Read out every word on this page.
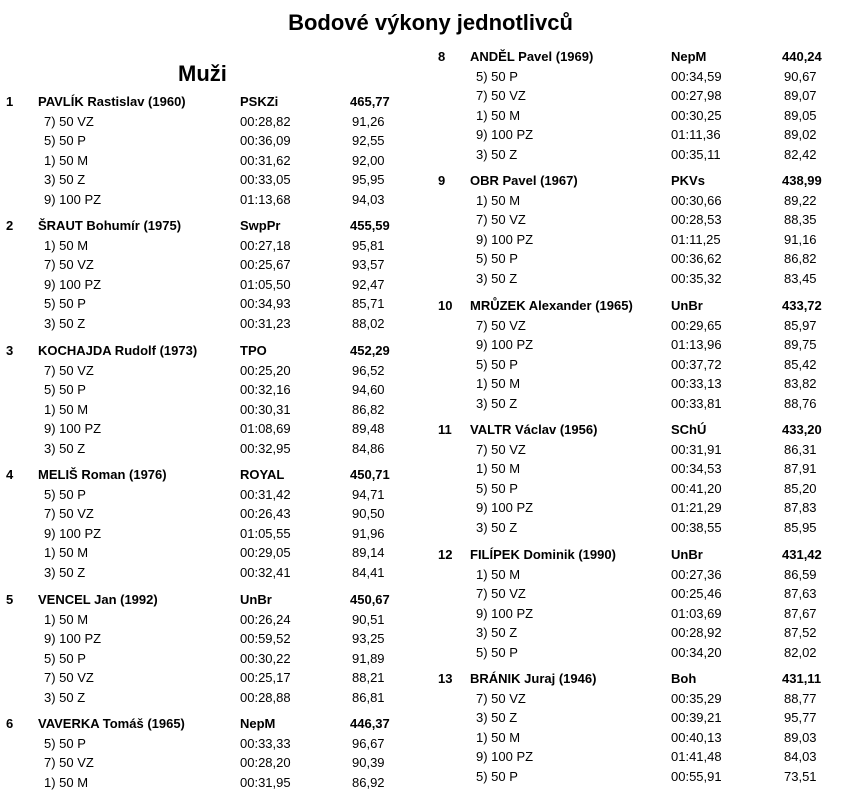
Bodové výkony jednotlivců
Muži
1 PAVLÍK Rastislav (1960)	PSKZi	465,77
7) 50 VZ	00:28,82	91,26
5) 50 P	00:36,09	92,55
1) 50 M	00:31,62	92,00
3) 50 Z	00:33,05	95,95
9) 100 PZ	01:13,68	94,03
2 ŠRAUT Bohumír (1975)	SwpPr	455,59
1) 50 M	00:27,18	95,81
7) 50 VZ	00:25,67	93,57
9) 100 PZ	01:05,50	92,47
5) 50 P	00:34,93	85,71
3) 50 Z	00:31,23	88,02
3 KOCHAJDA Rudolf (1973)	TPO	452,29
7) 50 VZ	00:25,20	96,52
5) 50 P	00:32,16	94,60
1) 50 M	00:30,31	86,82
9) 100 PZ	01:08,69	89,48
3) 50 Z	00:32,95	84,86
4 MELIŠ Roman (1976)	ROYAL	450,71
5) 50 P	00:31,42	94,71
7) 50 VZ	00:26,43	90,50
9) 100 PZ	01:05,55	91,96
1) 50 M	00:29,05	89,14
3) 50 Z	00:32,41	84,41
5 VENCEL Jan (1992)	UnBr	450,67
1) 50 M	00:26,24	90,51
9) 100 PZ	00:59,52	93,25
5) 50 P	00:30,22	91,89
7) 50 VZ	00:25,17	88,21
3) 50 Z	00:28,88	86,81
6 VAVERKA Tomáš (1965)	NepM	446,37
5) 50 P	00:33,33	96,67
7) 50 VZ	00:28,20	90,39
1) 50 M	00:31,95	86,92
8 ANDĚL Pavel (1969)	NepM	440,24
5) 50 P	00:34,59	90,67
7) 50 VZ	00:27,98	89,07
1) 50 M	00:30,25	89,05
9) 100 PZ	01:11,36	89,02
3) 50 Z	00:35,11	82,42
9 OBR Pavel (1967)	PKVs	438,99
1) 50 M	00:30,66	89,22
7) 50 VZ	00:28,53	88,35
9) 100 PZ	01:11,25	91,16
5) 50 P	00:36,62	86,82
3) 50 Z	00:35,32	83,45
10 MRŮZEK Alexander (1965)	UnBr	433,72
7) 50 VZ	00:29,65	85,97
9) 100 PZ	01:13,96	89,75
5) 50 P	00:37,72	85,42
1) 50 M	00:33,13	83,82
3) 50 Z	00:33,81	88,76
11 VALTR Václav (1956)	SChÚ	433,20
7) 50 VZ	00:31,91	86,31
1) 50 M	00:34,53	87,91
5) 50 P	00:41,20	85,20
9) 100 PZ	01:21,29	87,83
3) 50 Z	00:38,55	85,95
12 FILÍPEK Dominik (1990)	UnBr	431,42
1) 50 M	00:27,36	86,59
7) 50 VZ	00:25,46	87,63
9) 100 PZ	01:03,69	87,67
3) 50 Z	00:28,92	87,52
5) 50 P	00:34,20	82,02
13 BRÁNIK Juraj (1946)	Boh	431,11
7) 50 VZ	00:35,29	88,77
3) 50 Z	00:39,21	95,77
1) 50 M	00:40,13	89,03
9) 100 PZ	01:41,48	84,03
5) 50 P	00:55,91	73,51
